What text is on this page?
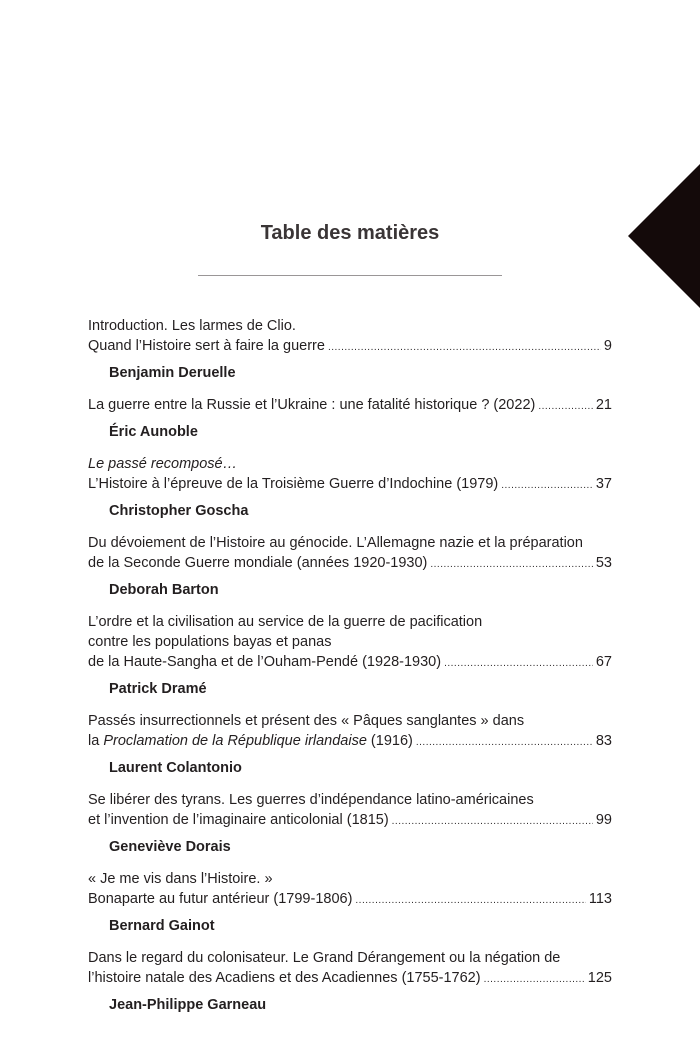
Table des matières
Introduction. Les larmes de Clio.
Quand l’Histoire sert à faire la guerre .....	9
Benjamin Deruelle
La guerre entre la Russie et l’Ukraine : une fatalité historique ? (2022) .....	21
Éric Aunoble
Le passé recomposé…
L’Histoire à l’épreuve de la Troisième Guerre d’Indochine (1979) .....	37
Christopher Goscha
Du dévoiement de l’Histoire au génocide. L’Allemagne nazie et la préparation
de la Seconde Guerre mondiale (années 1920-1930) .....	53
Deborah Barton
L’ordre et la civilisation au service de la guerre de pacification
contre les populations bayas et panas
de la Haute-Sangha et de l’Ouham-Pendé (1928-1930) .....	67
Patrick Dramé
Passés insurrectionnels et présent des « Pâques sanglantes » dans
la Proclamation de la République irlandaise (1916) .....	83
Laurent Colantonio
Se libérer des tyrans. Les guerres d’indépendance latino-américaines
et l’invention de l’imaginaire anticolonial (1815) .....	99
Geneviève Dorais
« Je me vis dans l’Histoire. »
Bonaparte au futur antérieur (1799-1806) .....	113
Bernard Gainot
Dans le regard du colonisateur. Le Grand Dérangement ou la négation de
l’histoire natale des Acadiens et des Acadiennes (1755-1762) .....	125
Jean-Philippe Garneau
